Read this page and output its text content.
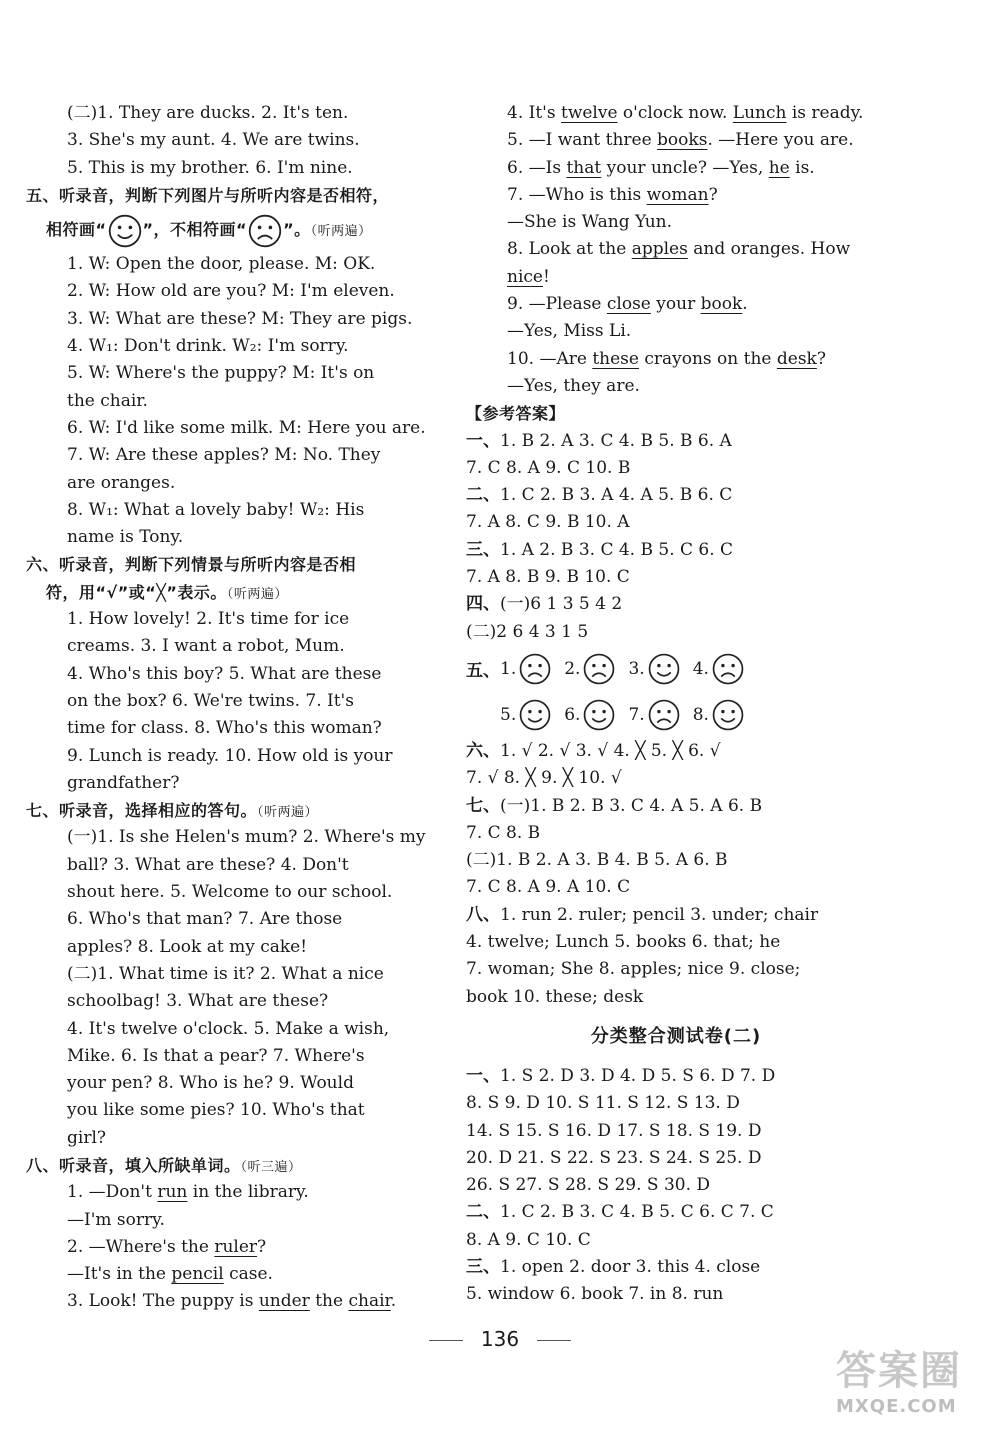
(二)1. They are ducks. 2. It's ten.
3. She's my aunt. 4. We are twins.
5. This is my brother. 6. I'm nine.
五、听录音，判断下列图片与所听内容是否相符，
相符画“ ”，不相符画“ ”。（听两遍）
1. W: Open the door, please. M: OK.
2. W: How old are you? M: I'm eleven.
3. W: What are these? M: They are pigs.
4. W₁: Don't drink. W₂: I'm sorry.
5. W: Where's the puppy? M: It's on
the chair.
6. W: I'd like some milk. M: Here you are.
7. W: Are these apples? M: No. They
are oranges.
8. W₁: What a lovely baby! W₂: His
name is Tony.
六、听录音，判断下列情景与所听内容是否相
符，用“√”或“╳”表示。（听两遍）
1. How lovely! 2. It's time for ice
creams. 3. I want a robot, Mum.
4. Who's this boy? 5. What are these
on the box? 6. We're twins. 7. It's
time for class. 8. Who's this woman?
9. Lunch is ready. 10. How old is your
grandfather?
七、听录音，选择相应的答句。（听两遍）
(一)1. Is she Helen's mum? 2. Where's my
ball? 3. What are these? 4. Don't
shout here. 5. Welcome to our school.
6. Who's that man? 7. Are those
apples? 8. Look at my cake!
(二)1. What time is it? 2. What a nice
schoolbag! 3. What are these?
4. It's twelve o'clock. 5. Make a wish,
Mike. 6. Is that a pear? 7. Where's
your pen? 8. Who is he? 9. Would
you like some pies? 10. Who's that
girl?
八、听录音，填入所缺单词。（听三遍）
1. —Don't run in the library.
—I'm sorry.
2. —Where's the ruler?
—It's in the pencil case.
3. Look! The puppy is under the chair.
4. It's twelve o'clock now. Lunch is ready.
5. —I want three books. —Here you are.
6. —Is that your uncle? —Yes, he is.
7. —Who is this woman?
—She is Wang Yun.
8. Look at the apples and oranges. How
nice!
9. —Please close your book.
—Yes, Miss Li.
10. —Are these crayons on the desk?
—Yes, they are.
【参考答案】
一、1. B 2. A 3. C 4. B 5. B 6. A
7. C 8. A 9. C 10. B
二、1. C 2. B 3. A 4. A 5. B 6. C
7. A 8. C 9. B 10. A
三、1. A 2. B 3. C 4. B 5. C 6. C
7. A 8. B 9. B 10. C
四、(一)6 1 3 5 4 2
(二)2 6 4 3 1 5
五、 1.	2.	3.	4.
5.	6.	7.	8.
六、1. √ 2. √ 3. √ 4. ╳ 5. ╳ 6. √
7. √ 8. ╳ 9. ╳ 10. √
七、(一)1. B 2. B 3. C 4. A 5. A 6. B
7. C 8. B
(二)1. B 2. A 3. B 4. B 5. A 6. B
7. C 8. A 9. A 10. C
八、1. run 2. ruler; pencil 3. under; chair
4. twelve; Lunch 5. books 6. that; he
7. woman; She 8. apples; nice 9. close;
book 10. these; desk
分类整合测试卷(二)
一、1. S 2. D 3. D 4. D 5. S 6. D 7. D
8. S 9. D 10. S 11. S 12. S 13. D
14. S 15. S 16. D 17. S 18. S 19. D
20. D 21. S 22. S 23. S 24. S 25. D
26. S 27. S 28. S 29. S 30. D
二、1. C 2. B 3. C 4. B 5. C 6. C 7. C
8. A 9. C 10. C
三、1. open 2. door 3. this 4. close
5. window 6. book 7. in 8. run
136
答案圈
MXQE.COM
